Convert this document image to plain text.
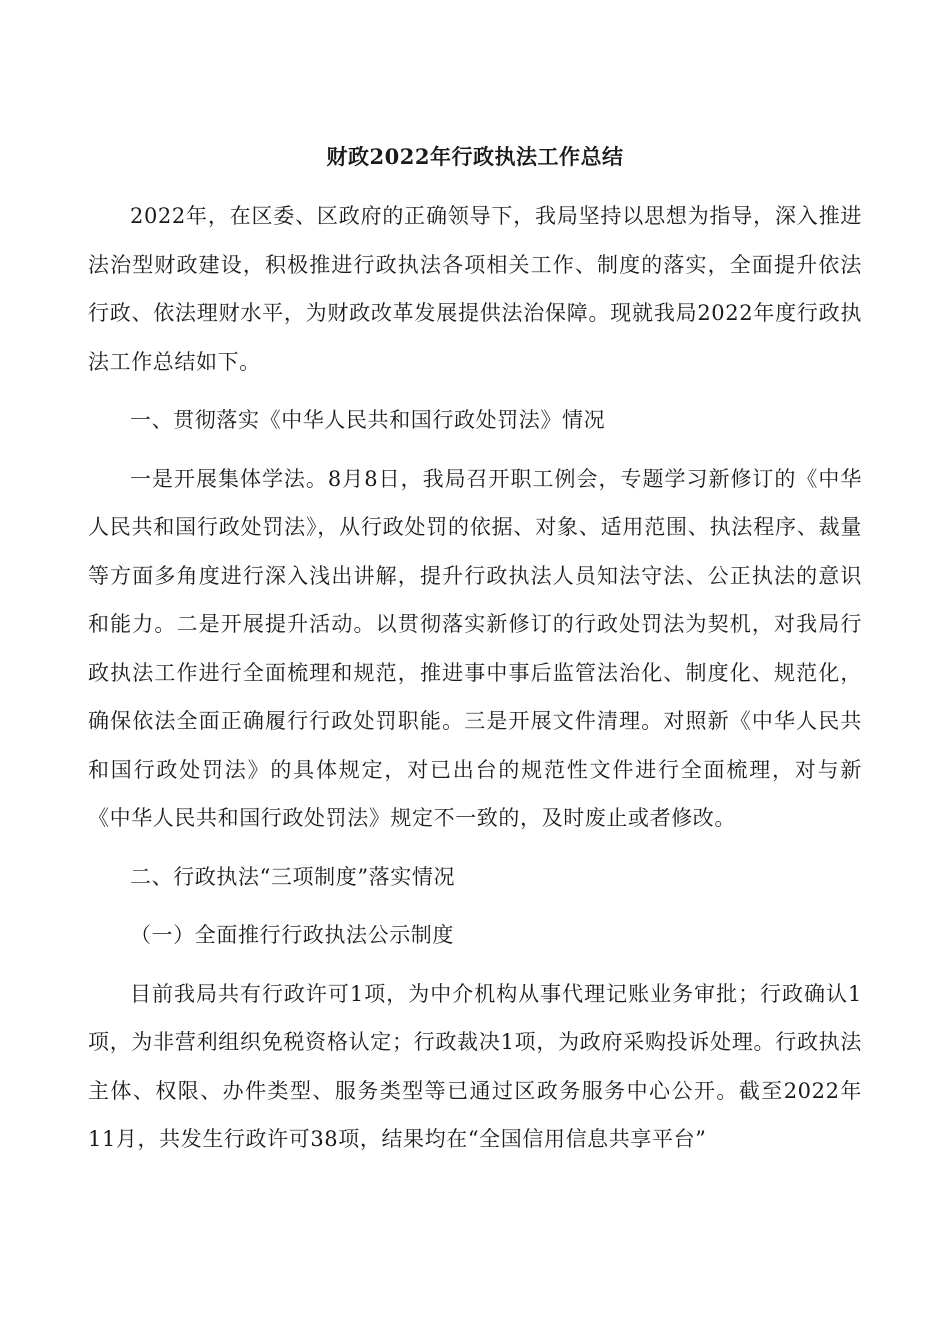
财政2022年行政执法工作总结

2022年，在区委、区政府的正确领导下，我局坚持以思想为指导，深入推进法治型财政建设，积极推进行政执法各项相关工作、制度的落实，全面提升依法行政、依法理财水平，为财政改革发展提供法治保障。现就我局2022年度行政执法工作总结如下。

一、贯彻落实《中华人民共和国行政处罚法》情况

一是开展集体学法。8月8日，我局召开职工例会，专题学习新修订的《中华人民共和国行政处罚法》，从行政处罚的依据、对象、适用范围、执法程序、裁量等方面多角度进行深入浅出讲解，提升行政执法人员知法守法、公正执法的意识和能力。二是开展提升活动。以贯彻落实新修订的行政处罚法为契机，对我局行政执法工作进行全面梳理和规范，推进事中事后监管法治化、制度化、规范化，确保依法全面正确履行行政处罚职能。三是开展文件清理。对照新《中华人民共和国行政处罚法》的具体规定，对已出台的规范性文件进行全面梳理，对与新《中华人民共和国行政处罚法》规定不一致的，及时废止或者修改。

二、行政执法“三项制度”落实情况

（一）全面推行行政执法公示制度

目前我局共有行政许可1项，为中介机构从事代理记账业务审批；行政确认1项，为非营利组织免税资格认定；行政裁决1项，为政府采购投诉处理。行政执法主体、权限、办件类型、服务类型等已通过区政务服务中心公开。截至2022年11月，共发生行政许可38项，结果均在“全国信用信息共享平台”
